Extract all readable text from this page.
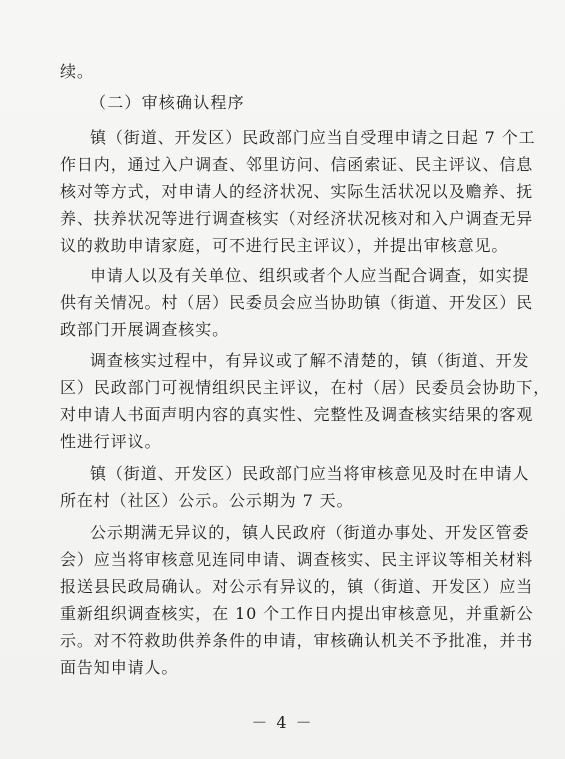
续。
（二）审核确认程序
镇（街道、开发区）民政部门应当自受理申请之日起 7 个工
作日内，通过入户调查、邻里访问、信函索证、民主评议、信息
核对等方式，对申请人的经济状况、实际生活状况以及赡养、抚
养、扶养状况等进行调查核实（对经济状况核对和入户调查无异
议的救助申请家庭，可不进行民主评议），并提出审核意见。
申请人以及有关单位、组织或者个人应当配合调查，如实提
供有关情况。村（居）民委员会应当协助镇（街道、开发区）民
政部门开展调查核实。
调查核实过程中，有异议或了解不清楚的，镇（街道、开发
区）民政部门可视情组织民主评议，在村（居）民委员会协助下，
对申请人书面声明内容的真实性、完整性及调查核实结果的客观
性进行评议。
镇（街道、开发区）民政部门应当将审核意见及时在申请人
所在村（社区）公示。公示期为 7 天。
公示期满无异议的，镇人民政府（街道办事处、开发区管委
会）应当将审核意见连同申请、调查核实、民主评议等相关材料
报送县民政局确认。对公示有异议的，镇（街道、开发区）应当
重新组织调查核实，在 10 个工作日内提出审核意见，并重新公
示。对不符救助供养条件的申请，审核确认机关不予批准，并书
面告知申请人。
－ 4 －
